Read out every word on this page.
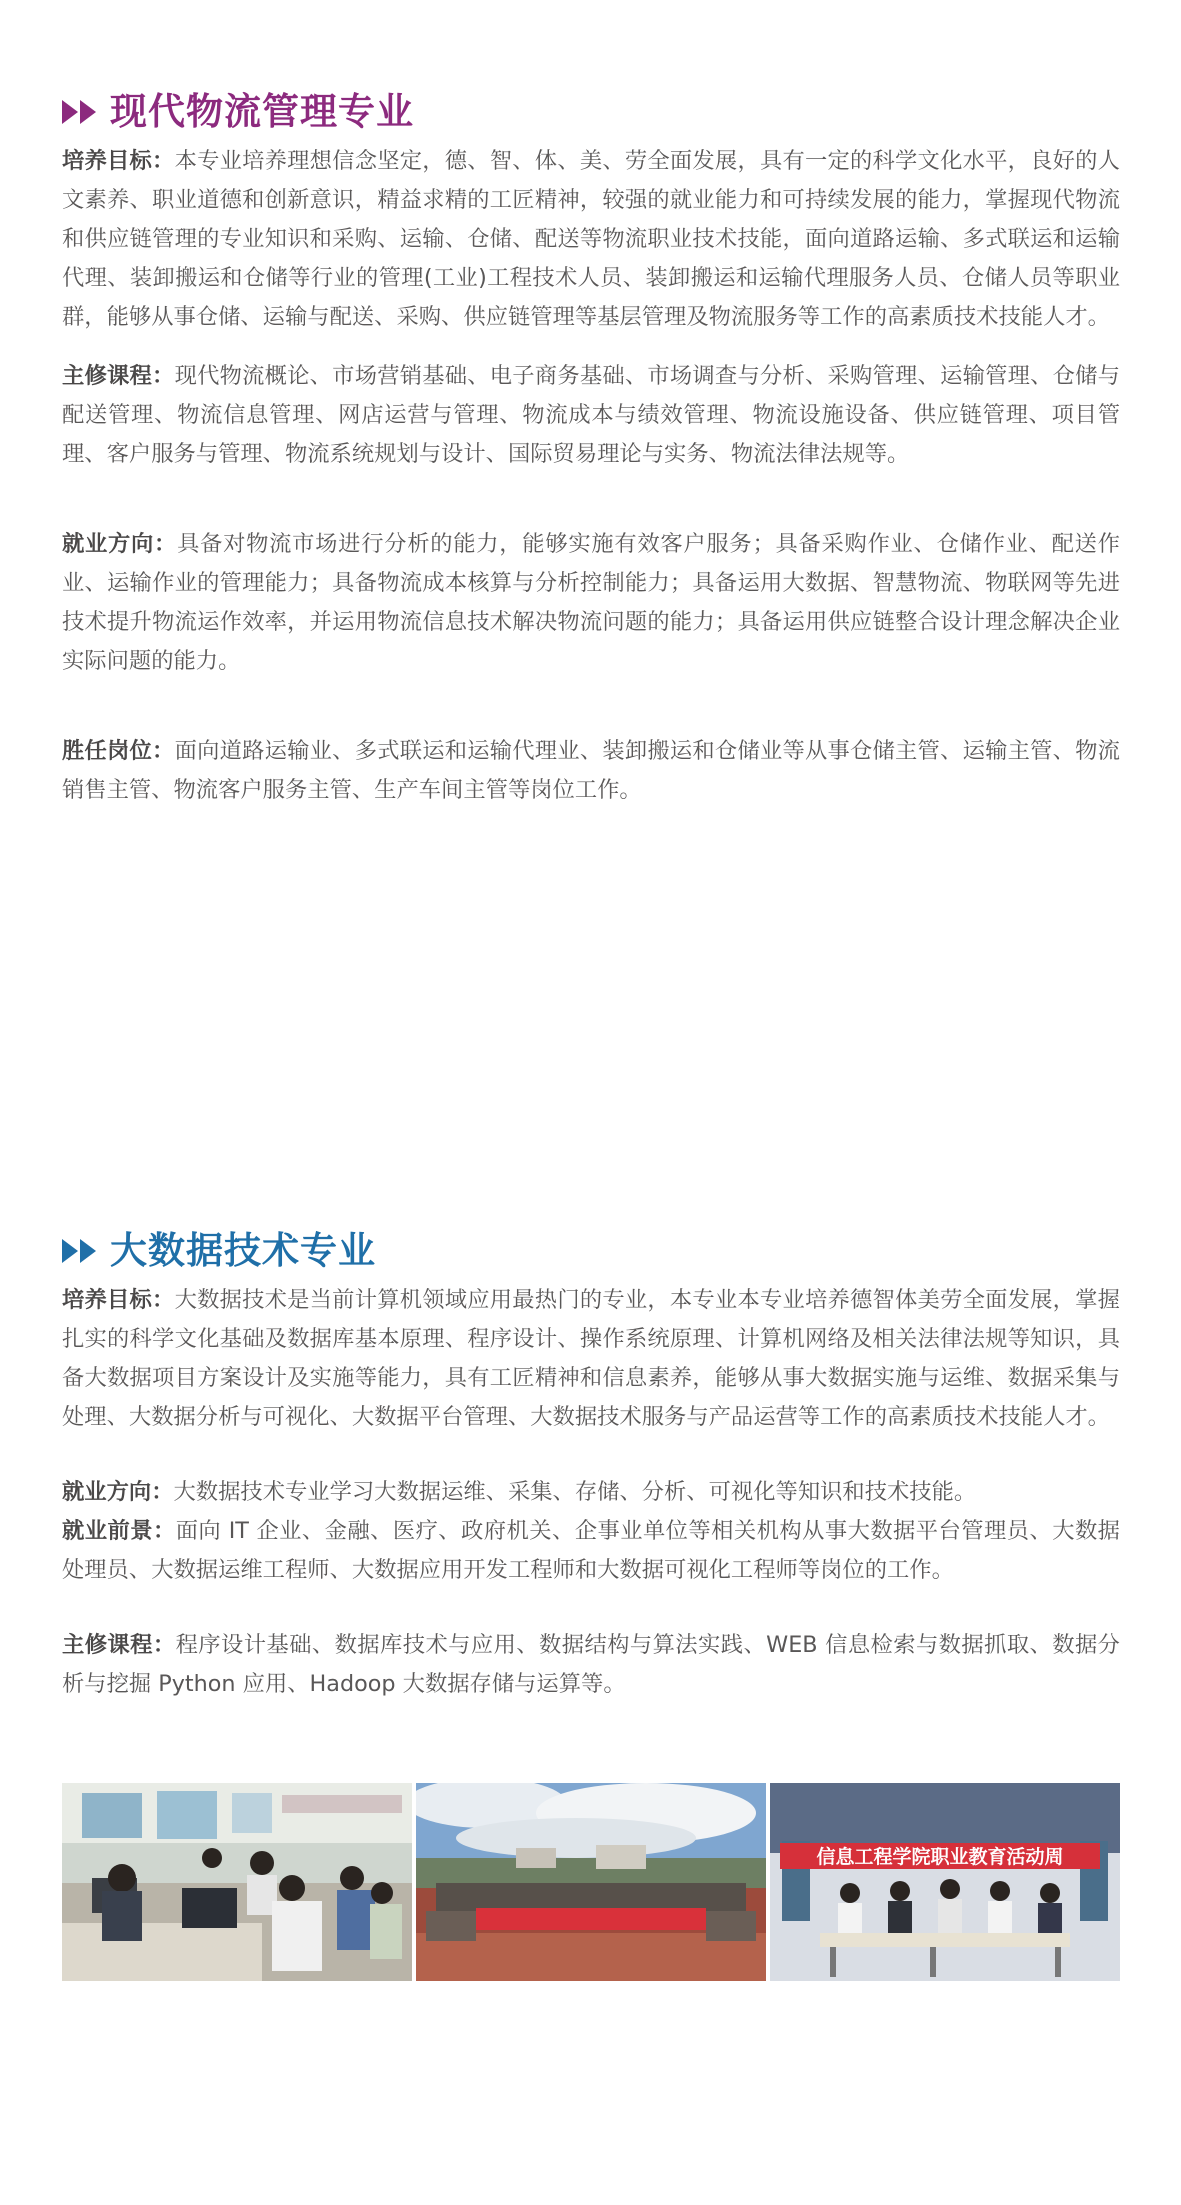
现代物流管理专业

培养目标：本专业培养理想信念坚定，德、智、体、美、劳全面发展，具有一定的科学文化水平，良好的人文素养、职业道德和创新意识，精益求精的工匠精神，较强的就业能力和可持续发展的能力，掌握现代物流和供应链管理的专业知识和采购、运输、仓储、配送等物流职业技术技能，面向道路运输、多式联运和运输代理、装卸搬运和仓储等行业的管理(工业)工程技术人员、装卸搬运和运输代理服务人员、仓储人员等职业群，能够从事仓储、运输与配送、采购、供应链管理等基层管理及物流服务等工作的高素质技术技能人才。

主修课程：现代物流概论、市场营销基础、电子商务基础、市场调查与分析、采购管理、运输管理、仓储与配送管理、物流信息管理、网店运营与管理、物流成本与绩效管理、物流设施设备、供应链管理、项目管理、客户服务与管理、物流系统规划与设计、国际贸易理论与实务、物流法律法规等。

就业方向：具备对物流市场进行分析的能力，能够实施有效客户服务；具备采购作业、仓储作业、配送作业、运输作业的管理能力；具备物流成本核算与分析控制能力；具备运用大数据、智慧物流、物联网等先进技术提升物流运作效率，并运用物流信息技术解决物流问题的能力；具备运用供应链整合设计理念解决企业实际问题的能力。

胜任岗位：面向道路运输业、多式联运和运输代理业、装卸搬运和仓储业等从事仓储主管、运输主管、物流销售主管、物流客户服务主管、生产车间主管等岗位工作。

大数据技术专业

培养目标：大数据技术是当前计算机领域应用最热门的专业，本专业本专业培养德智体美劳全面发展，掌握扎实的科学文化基础及数据库基本原理、程序设计、操作系统原理、计算机网络及相关法律法规等知识，具备大数据项目方案设计及实施等能力，具有工匠精神和信息素养，能够从事大数据实施与运维、数据采集与处理、大数据分析与可视化、大数据平台管理、大数据技术服务与产品运营等工作的高素质技术技能人才。

就业方向：大数据技术专业学习大数据运维、采集、存储、分析、可视化等知识和技术技能。

就业前景：面向 IT 企业、金融、医疗、政府机关、企事业单位等相关机构从事大数据平台管理员、大数据处理员、大数据运维工程师、大数据应用开发工程师和大数据可视化工程师等岗位的工作。

主修课程：程序设计基础、数据库技术与应用、数据结构与算法实践、WEB 信息检索与数据抓取、数据分析与挖掘 Python 应用、Hadoop 大数据存储与运算等。

信息工程学院职业教育活动周
